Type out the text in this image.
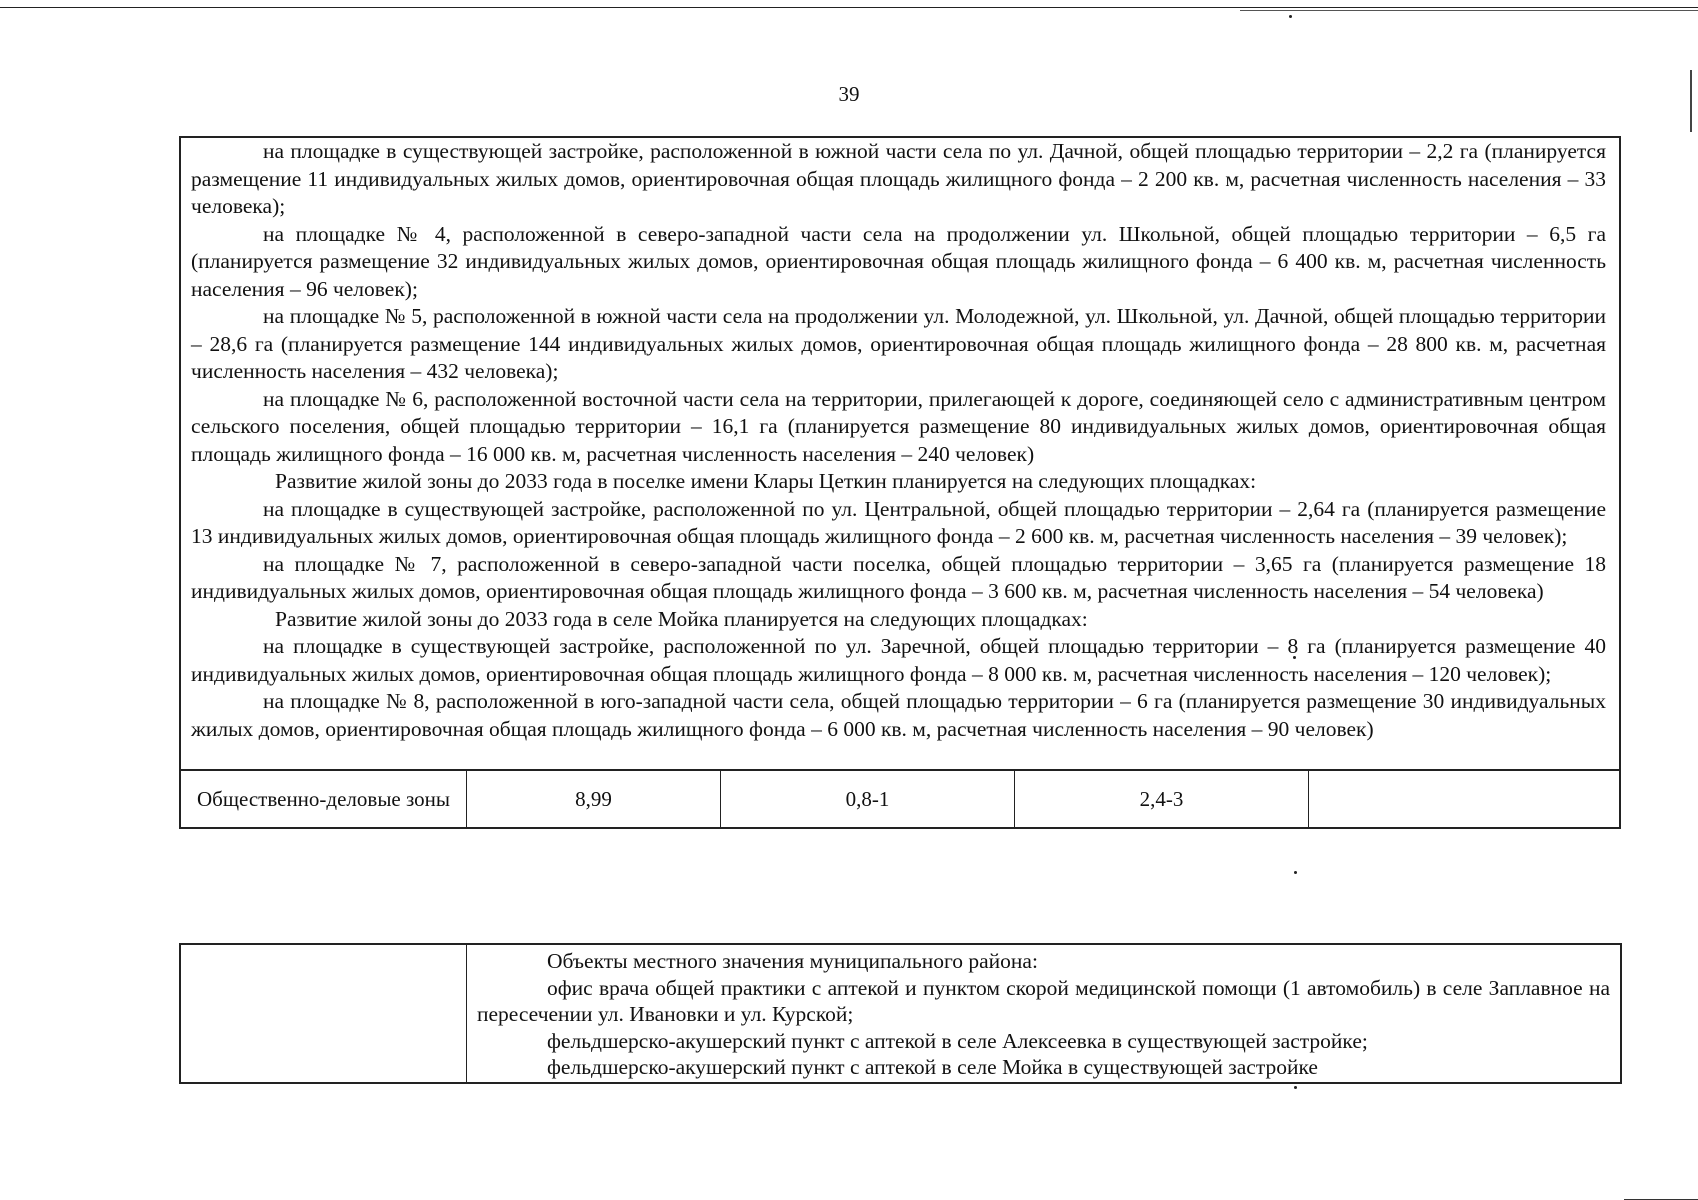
39

на площадке в существующей застройке, расположенной в южной части села по ул. Дачной, общей площадью территории – 2,2 га (планируется размещение 11 индивидуальных жилых домов, ориентировочная общая площадь жилищного фонда – 2 200 кв. м, расчетная численность населения – 33 человека);

на площадке № 4, расположенной в северо-западной части села на продолжении ул. Школьной, общей площадью территории – 6,5 га (планируется размещение 32 индивидуальных жилых домов, ориентировочная общая площадь жилищного фонда – 6 400 кв. м, расчетная численность населения – 96 человек);

на площадке № 5, расположенной в южной части села на продолжении ул. Молодежной, ул. Школьной, ул. Дачной, общей площадью территории – 28,6 га (планируется размещение 144 индивидуальных жилых домов, ориентировочная общая площадь жилищного фонда – 28 800 кв. м, расчетная численность населения – 432 человека);

на площадке № 6, расположенной восточной части села на территории, прилегающей к дороге, соединяющей село с административным центром сельского поселения, общей площадью территории – 16,1 га (планируется размещение 80 индивидуальных жилых домов, ориентировочная общая площадь жилищного фонда – 16 000 кв. м, расчетная численность населения – 240 человек)

Развитие жилой зоны до 2033 года в поселке имени Клары Цеткин планируется на следующих площадках:

на площадке в существующей застройке, расположенной по ул. Центральной, общей площадью территории – 2,64 га (планируется размещение 13 индивидуальных жилых домов, ориентировочная общая площадь жилищного фонда – 2 600 кв. м, расчетная численность населения – 39 человек);

на площадке № 7, расположенной в северо-западной части поселка, общей площадью территории – 3,65 га (планируется размещение 18 индивидуальных жилых домов, ориентировочная общая площадь жилищного фонда – 3 600 кв. м, расчетная численность населения – 54 человека)

Развитие жилой зоны до 2033 года в селе Мойка планируется на следующих площадках:

на площадке в существующей застройке, расположенной по ул. Заречной, общей площадью территории – 8 га (планируется размещение 40 индивидуальных жилых домов, ориентировочная общая площадь жилищного фонда – 8 000 кв. м, расчетная численность населения – 120 человек);

на площадке № 8, расположенной в юго-западной части села, общей площадью территории – 6 га (планируется размещение 30 индивидуальных жилых домов, ориентировочная общая площадь жилищного фонда – 6 000 кв. м, расчетная численность населения – 90 человек)

Общественно-деловые зоны	8,99	0,8-1	2,4-3

Объекты местного значения муниципального района:

офис врача общей практики с аптекой и пунктом скорой медицинской помощи (1 автомобиль) в селе Заплавное на пересечении ул. Ивановки и ул. Курской;

фельдшерско-акушерский пункт с аптекой в селе Алексеевка в существующей застройке;

фельдшерско-акушерский пункт с аптекой в селе Мойка в существующей застройке
